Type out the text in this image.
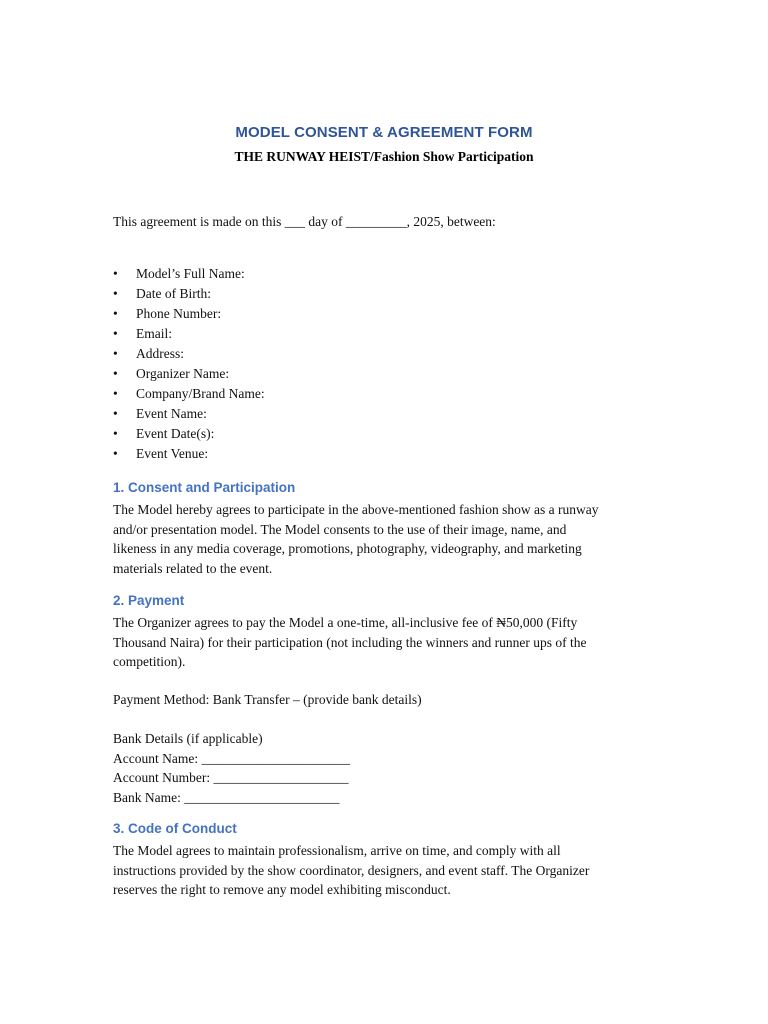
MODEL CONSENT & AGREEMENT FORM
THE RUNWAY HEIST/Fashion Show Participation
This agreement is made on this ___ day of _________, 2025, between:
• Model’s Full Name:
• Date of Birth:
• Phone Number:
• Email:
• Address:
• Organizer Name:
• Company/Brand Name:
• Event Name:
• Event Date(s):
• Event Venue:
1. Consent and Participation
The Model hereby agrees to participate in the above-mentioned fashion show as a runway
and/or presentation model. The Model consents to the use of their image, name, and
likeness in any media coverage, promotions, photography, videography, and marketing
materials related to the event.
2. Payment
The Organizer agrees to pay the Model a one-time, all-inclusive fee of ₦50,000 (Fifty
Thousand Naira) for their participation (not including the winners and runner ups of the
competition).
Payment Method: Bank Transfer – (provide bank details)
Bank Details (if applicable)
Account Name: ______________________
Account Number: ____________________
Bank Name: _______________________
3. Code of Conduct
The Model agrees to maintain professionalism, arrive on time, and comply with all
instructions provided by the show coordinator, designers, and event staff. The Organizer
reserves the right to remove any model exhibiting misconduct.
